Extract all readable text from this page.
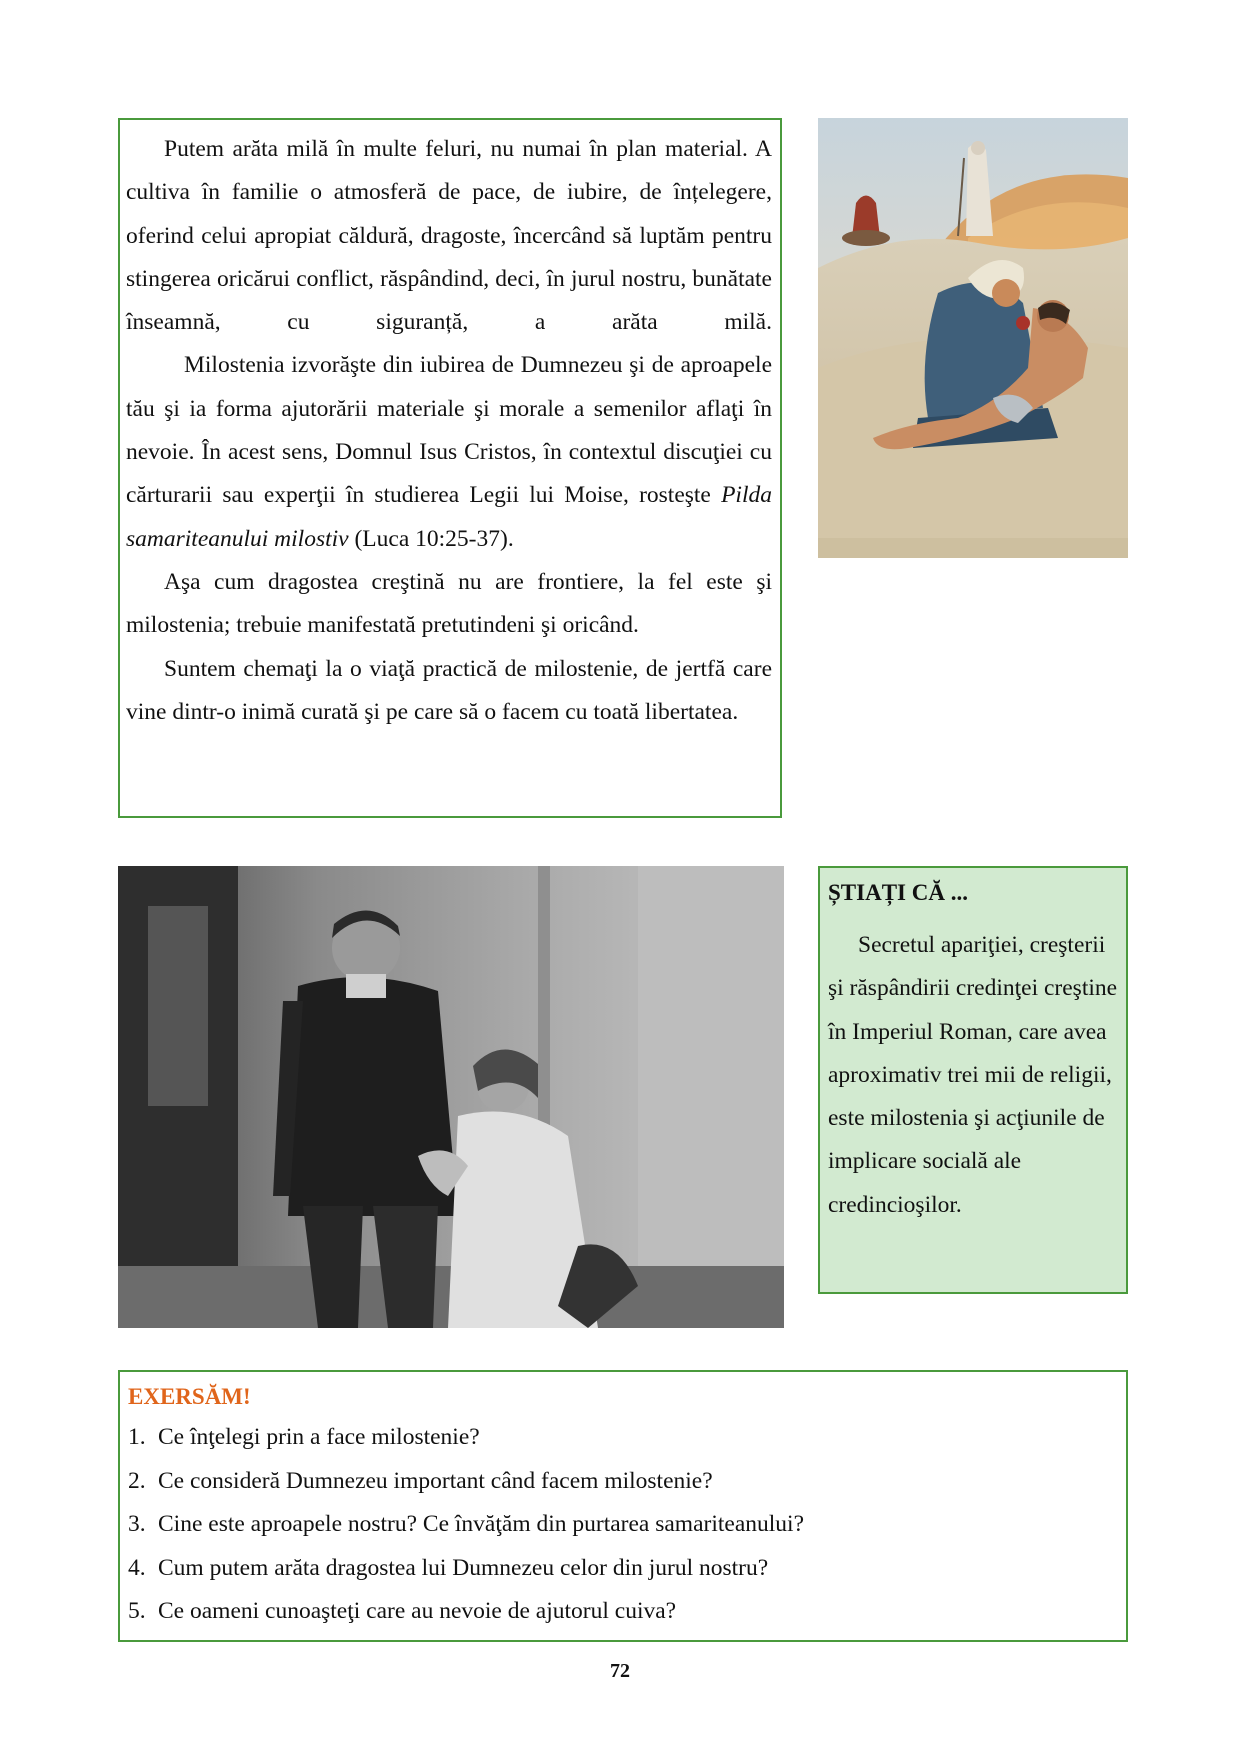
Putem arăta milă în multe feluri, nu numai în plan material. A cultiva în familie o atmosferă de pace, de iubire, de înțelegere, oferind celui apropiat căldură, dragoste, încercând să luptăm pentru stingerea oricărui conflict, răspândind, deci, în jurul nostru, bunătate înseamnă, cu siguranță, a arăta milă.

Milostenia izvorăşte din iubirea de Dumnezeu şi de aproapele tău şi ia forma ajutorării materiale şi morale a semenilor aflaţi în nevoie. În acest sens, Domnul Isus Cristos, în contextul discuţiei cu cărturarii sau experţii în studierea Legii lui Moise, rosteşte Pilda samariteanului milostiv (Luca 10:25-37).

Aşa cum dragostea creştină nu are frontiere, la fel este şi milostenia; trebuie manifestată pretutindeni şi oricând.

Suntem chemaţi la o viaţă practică de milostenie, de jertfă care vine dintr-o inimă curată şi pe care să o facem cu toată libertatea.

ȘTIAȚI CĂ ...

Secretul apariţiei, creşterii şi răspândirii credinţei creştine în Imperiul Roman, care avea aproximativ trei mii de religii, este milostenia şi acţiunile de implicare socială ale credincioşilor.

EXERSĂM!
1. Ce înţelegi prin a face milostenie?
2. Ce consideră Dumnezeu important când facem milostenie?
3. Cine este aproapele nostru? Ce învăţăm din purtarea samariteanului?
4. Cum putem arăta dragostea lui Dumnezeu celor din jurul nostru?
5. Ce oameni cunoaşteţi care au nevoie de ajutorul cuiva?
72
